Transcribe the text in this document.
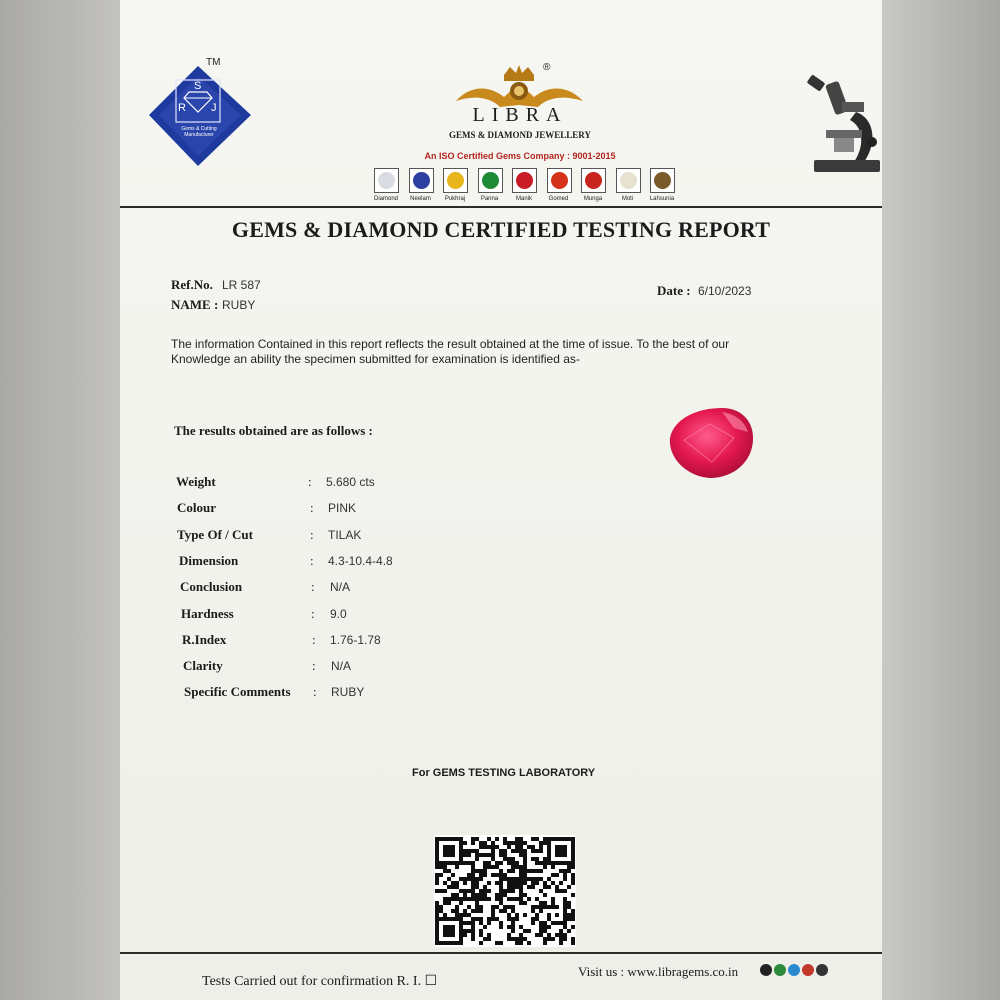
S
R J
Gems & Cutting Manufacturer
TM	®
LIBRA
GEMS & DIAMOND JEWELLERY
An ISO Certified Gems Company : 9001-2015
Diamond	Neelam	Pukhraj	Panna	Manik	Gomed	Munga	Moti	Lahsunia
GEMS & DIAMOND CERTIFIED TESTING REPORT
Ref.No. LR 587
NAME : RUBY
Date : 6/10/2023
The information Contained in this report reflects the result obtained at the time of issue. To the best of our
Knowledge an ability the specimen submitted for examination is identified as-
The results obtained are as follows :
Weight	: 5.680 cts
Colour	: PINK
Type Of / Cut	: TILAK
Dimension	: 4.3-10.4-4.8
Conclusion	: N/A
Hardness	: 9.0
R.Index	: 1.76-1.78
Clarity	: N/A
Specific Comments : RUBY
For GEMS TESTING LABORATORY
Tests Carried out for confirmation R. I. ☐
Visit us : www.libragems.co.in
